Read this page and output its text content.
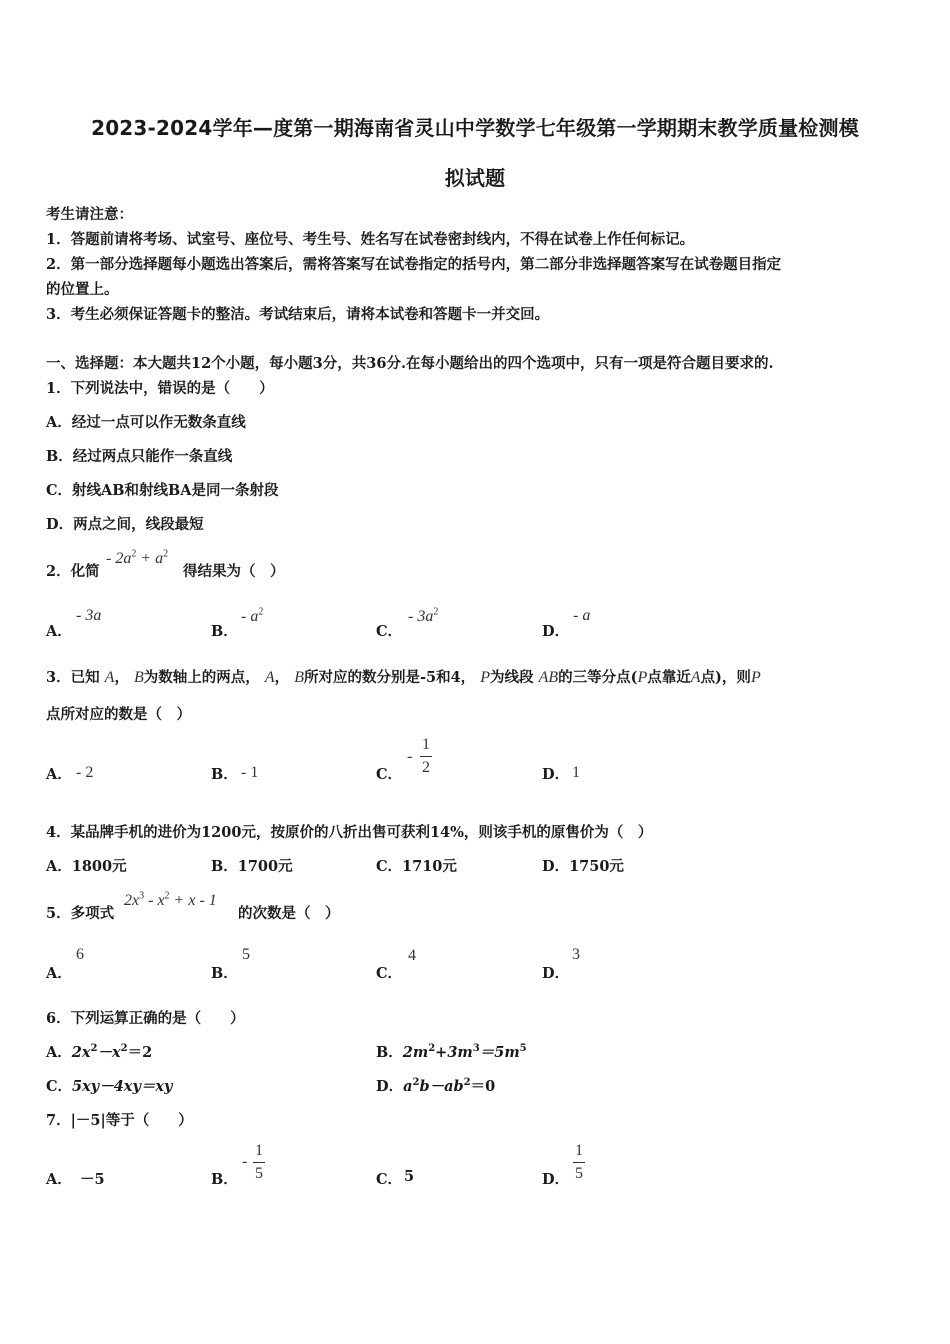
2023-2024学年—度第一期海南省灵山中学数学七年级第一学期期末教学质量检测模
拟试题
考生请注意：
1．答题前请将考场、试室号、座位号、考生号、姓名写在试卷密封线内，不得在试卷上作任何标记。
2．第一部分选择题每小题选出答案后，需将答案写在试卷指定的括号内，第二部分非选择题答案写在试卷题目指定
的位置上。
3．考生必须保证答题卡的整洁。考试结束后，请将本试卷和答题卡一并交回。
一、选择题：本大题共12个小题，每小题3分，共36分.在每小题给出的四个选项中，只有一项是符合题目要求的.
1．下列说法中，错误的是（　　）
A．经过一点可以作无数条直线
B．经过两点只能作一条直线
C．射线AB和射线BA是同一条射段
D．两点之间，线段最短
2．化简
- $2a^2 + a^2$
得结果为（　）
A．
- 3a
B．
- $a^2$
C．
- $3a^2$
D．
- a
3．已知 A， B为数轴上的两点， A， B所对应的数分别是-5和4， P为线段 AB的三等分点(P点靠近A点)，则P
点所对应的数是（　）
A． - 2	B． - 1	C．
-
1
2	D． 1
4．某品牌手机的进价为1200元，按原价的八折出售可获利14%，则该手机的原售价为（　）
A．1800元	B．1700元	C．1710元	D．1750元
5．多项式
$2x^3 - x^2 + x - 1$
的次数是（　）
A．
6
B．
5
C．
4
D．
3
6．下列运算正确的是（　　）
A．$2x^2-x^2=2$	B．$2m^2+3m^3=5m^5$
C．5xy－4xy＝xy	D．$a^2b-ab^2=0$
7．|－5|等于（　　）
A． －5	B．
-
1
5	C． 5	D．
1
5
